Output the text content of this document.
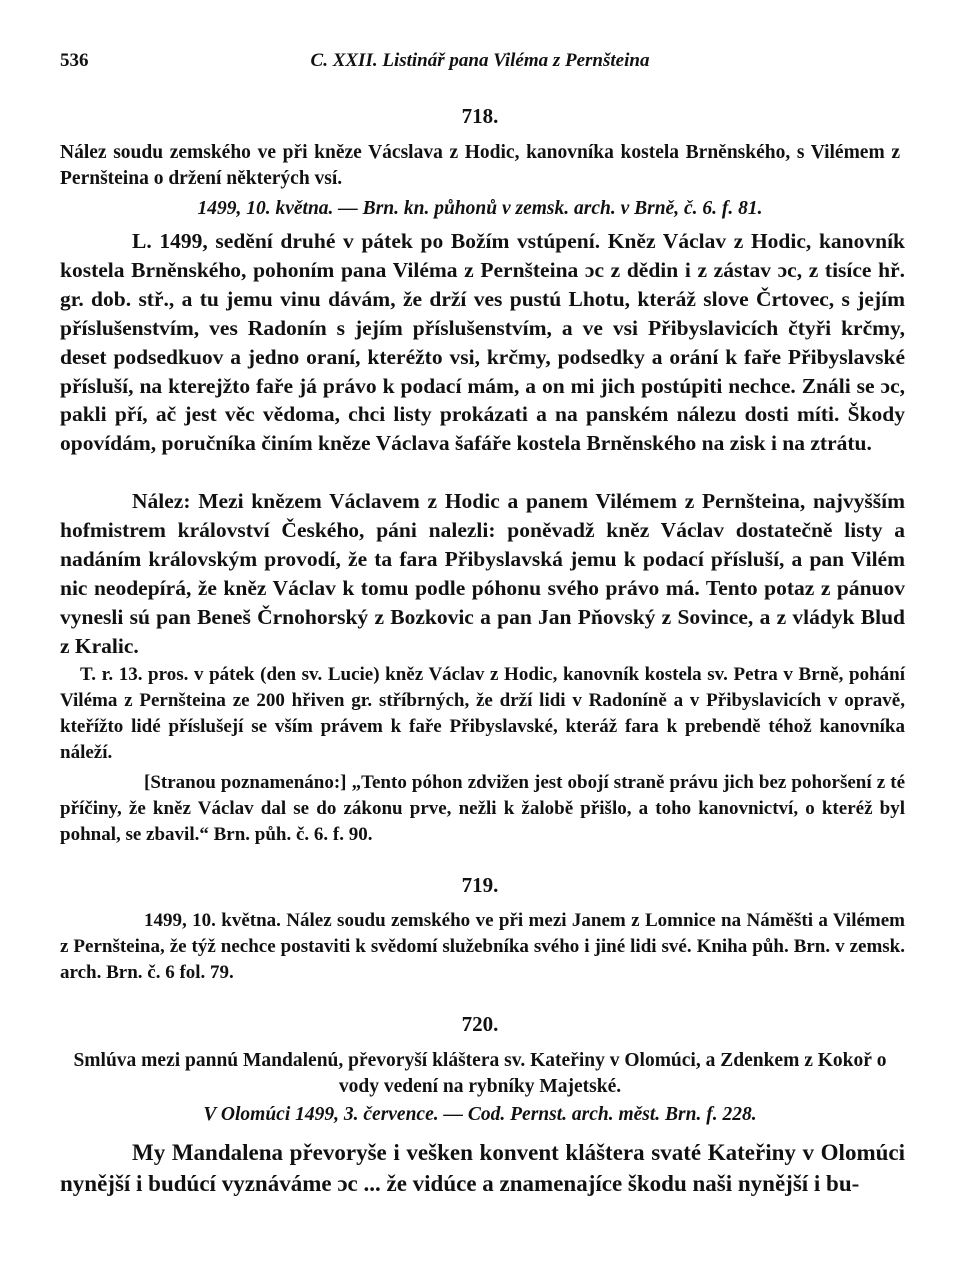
536	C. XXII. Listinář pana Viléma z Pernšteina
718.
Nález soudu zemského ve při kněze Vácslava z Hodic, kanovníka kostela Brněnského, s Vilémem z Pernšteina o držení některých vsí.
1499, 10. května. — Brn. kn. půhonů v zemsk. arch. v Brně, č. 6. f. 81.

L. 1499, sedění druhé v pátek po Božím vstúpení. Kněz Václav z Hodic, kanovník kostela Brněnského, pohoním pana Viléma z Pernšteina ɔc z dědin i z zástav ɔc, z tisíce hř. gr. dob. stř., a tu jemu vinu dávám, že drží ves pustú Lhotu, kteráž slove Črtovec, s jejím příslušenstvím, ves Radonín s jejím příslušenstvím, a ve vsi Přibyslavicích čtyři krčmy, deset podsedkuov a jedno oraní, kteréžto vsi, krčmy, podsedky a orání k faře Přibyslavské přísluší, na kterejžto faře já právo k podací mám, a on mi jich postúpiti nechce. Ználi se ɔc, pakli pří, ač jest věc vědoma, chci listy prokázati a na panském nálezu dosti míti. Škody opovídám, poručníka činím kněze Václava šafáře kostela Brněnského na zisk i na ztrátu.

Nález: Mezi knězem Václavem z Hodic a panem Vilémem z Pernšteina, najvyšším hofmistrem království Českého, páni nalezli: poněvadž kněz Václav dostatečně listy a nadáním královským provodí, že ta fara Přibyslavská jemu k podací přísluší, a pan Vilém nic neodepírá, že kněz Václav k tomu podle póhonu svého právo má. Tento potaz z pánuov vynesli sú pan Beneš Črnohorský z Bozkovic a pan Jan Pňovský z Sovince, a z vládyk Blud z Kralic.

T. r. 13. pros. v pátek (den sv. Lucie) kněz Václav z Hodic, kanovník kostela sv. Petra v Brně, pohání Viléma z Pernšteina ze 200 hřiven gr. stříbrných, že drží lidi v Radoníně a v Přibyslavicích v opravě, kteřížto lidé příslušejí se vším právem k faře Přibyslavské, kteráž fara k prebendě téhož kanovníka náleží.

[Stranou poznamenáno:] „Tento póhon zdvižen jest obojí straně právu jich bez pohoršení z té příčiny, že kněz Václav dal se do zákonu prve, nežli k žalobě přišlo, a toho kanovnictví, o kteréž byl pohnal, se zbavil.“ Brn. půh. č. 6. f. 90.

719.

1499, 10. května. Nález soudu zemského ve při mezi Janem z Lomnice na Náměšti a Vilémem z Pernšteina, že týž nechce postaviti k svědomí služebníka svého i jiné lidi své. Kniha půh. Brn. v zemsk. arch. Brn. č. 6 fol. 79.

720.
Smlúva mezi pannú Mandalenú, převoryší kláštera sv. Kateřiny v Olomúci, a Zdenkem z Kokoř o vody vedení na rybníky Majetské.
V Olomúci 1499, 3. července. — Cod. Pernst. arch. měst. Brn. f. 228.

My Mandalena převoryše i vešken konvent kláštera svaté Kateřiny v Olomúci nynější i budúcí vyznáváme ɔc ... že vidúce a znamenajíce škodu naši nynější i bu-
